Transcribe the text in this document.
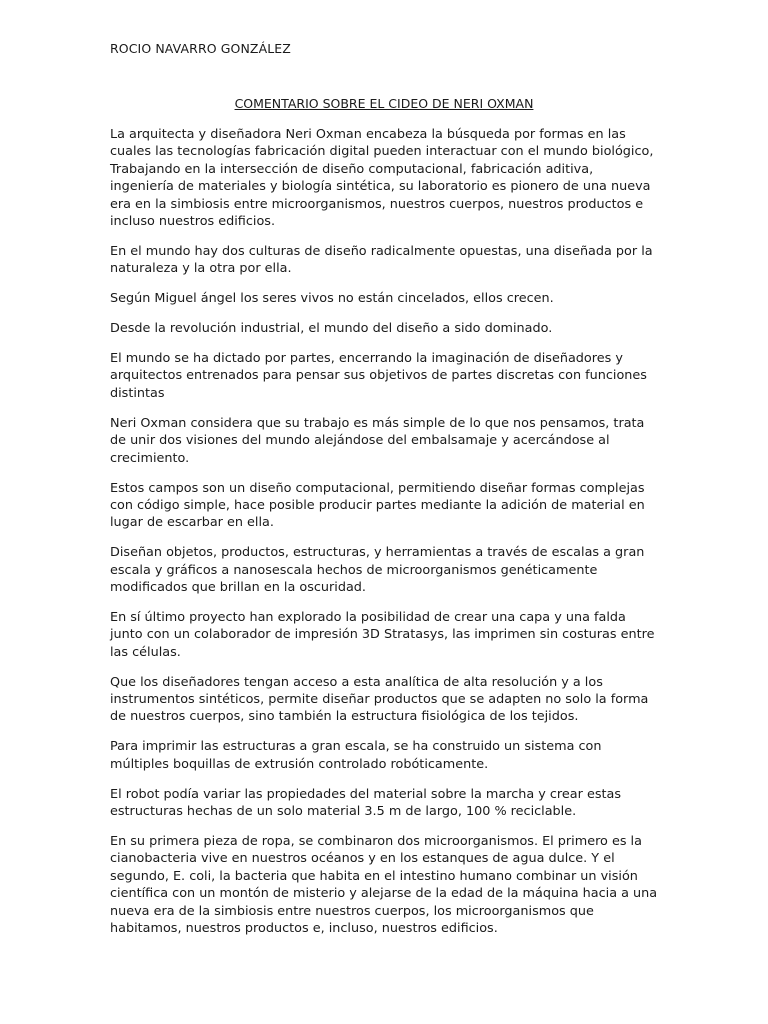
ROCIO NAVARRO GONZÁLEZ

COMENTARIO SOBRE EL CIDEO DE NERI OXMAN

La arquitecta y diseñadora Neri Oxman encabeza la búsqueda por formas en las cuales las tecnologías fabricación digital pueden interactuar con el mundo biológico, Trabajando en la intersección de diseño computacional, fabricación aditiva, ingeniería de materiales y biología sintética, su laboratorio es pionero de una nueva era en la simbiosis entre microorganismos, nuestros cuerpos, nuestros productos e incluso nuestros edificios.

En el mundo hay dos culturas de diseño radicalmente opuestas, una diseñada por la naturaleza y la otra por ella.

Según Miguel ángel los seres vivos no están cincelados, ellos crecen.

Desde la revolución industrial, el mundo del diseño a sido dominado.

El mundo se ha dictado por partes, encerrando la imaginación de diseñadores y arquitectos entrenados para pensar sus objetivos de partes discretas con funciones distintas

Neri Oxman considera que su trabajo es más simple de lo que nos pensamos, trata de unir dos visiones del mundo alejándose del embalsamaje y acercándose al crecimiento.

Estos campos son un diseño computacional, permitiendo diseñar formas complejas con código simple, hace posible producir partes mediante la adición de material en lugar de escarbar en ella.

Diseñan objetos, productos, estructuras, y herramientas a través de escalas a gran escala y gráficos a nanosescala hechos de microorganismos genéticamente modificados que brillan en la oscuridad.

En sí último proyecto han explorado la posibilidad de crear una capa y una falda junto con un colaborador de impresión 3D Stratasys, las imprimen sin costuras entre las células.

Que los diseñadores tengan acceso a esta analítica de alta resolución y a los instrumentos sintéticos, permite diseñar productos que se adapten no solo la forma de nuestros cuerpos, sino también la estructura fisiológica de los tejidos.

Para imprimir las estructuras a gran escala, se ha construido un sistema con múltiples boquillas de extrusión controlado robóticamente.

El robot podía variar las propiedades del material sobre la marcha y crear estas estructuras hechas de un solo material 3.5 m de largo, 100 % reciclable.

En su primera pieza de ropa, se combinaron dos microorganismos. El primero es la cianobacteria vive en nuestros océanos y en los estanques de agua dulce. Y el segundo, E. coli, la bacteria que habita en el intestino humano combinar un visión científica con un montón de misterio y alejarse de la edad de la máquina hacia a una nueva era de la simbiosis entre nuestros cuerpos, los microorganismos que habitamos, nuestros productos e, incluso, nuestros edificios.
